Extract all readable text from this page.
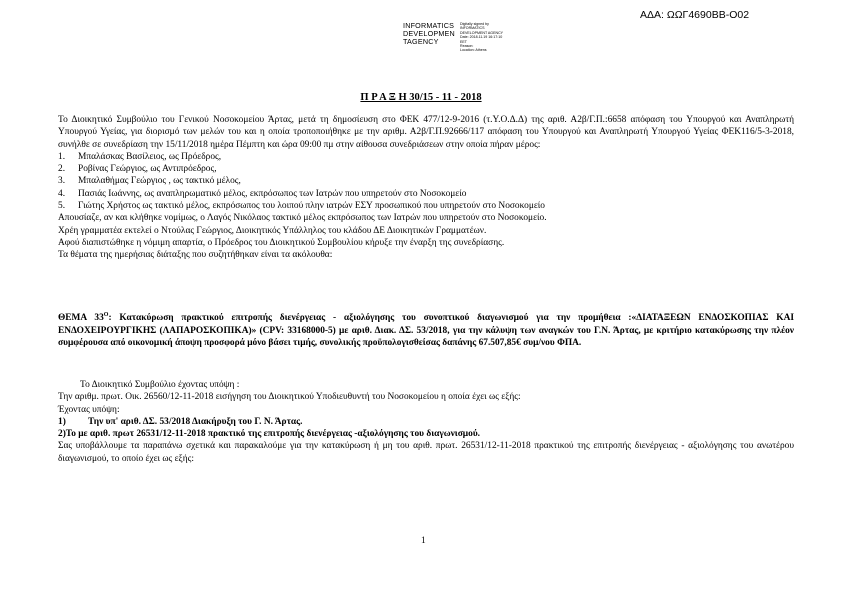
ΑΔΑ: ΩΩΓ4690ΒΒ-Ο02
INFORMATICS
DEVELOPMEN
TAGENCY
Digitally signed by
INFORMATICS
DEVELOPMENT AGENCY
Date: 2018.11.19 16:17:10
EET
Reason:
Location: Athens
Π Ρ Α Ξ Η 30/15 - 11 - 2018
Το Διοικητικό Συμβούλιο του Γενικού Νοσοκομείου Άρτας, μετά τη δημοσίευση στο ΦΕΚ 477/12-9-2016 (τ.Υ.Ο.Δ.Δ) της αριθ. Α2β/Γ.Π.:6658 απόφαση του Υπουργού και Αναπληρωτή Υπουργού Υγείας, για διορισμό των μελών του και η οποία τροποποιήθηκε με την αριθμ. Α2β/Γ.Π.92666/117 απόφαση του Υπουργού και Αναπληρωτή Υπουργού Υγείας ΦΕΚ116/5-3-2018, συνήλθε σε συνεδρίαση την 15/11/2018 ημέρα Πέμπτη και ώρα 09:00 πμ στην αίθουσα συνεδριάσεων στην οποία πήραν μέρος:
1. Μπαλάσκας Βασίλειος, ως Πρόεδρος,
2. Ροβίνας Γεώργιος, ως Αντιπρόεδρος,
3. Μπαλαθήμας Γεώργιος , ως τακτικό μέλος,
4. Πασιάς Ιωάννης, ως αναπληρωματικό μέλος, εκπρόσωπος των Ιατρών που υπηρετούν στο Νοσοκομείο
5. Γιώτης Χρήστος ως τακτικό μέλος, εκπρόσωπος του λοιπού πλην ιατρών ΕΣΥ προσωπικού που υπηρετούν στο Νοσοκομείο
Απουσίαζε, αν και κλήθηκε νομίμως, ο Λαγός Νικόλαος τακτικό μέλος εκπρόσωπος των Ιατρών που υπηρετούν στο Νοσοκομείο.
Χρέη γραμματέα εκτελεί ο Ντούλας Γεώργιος, Διοικητικός Υπάλληλος του κλάδου ΔΕ Διοικητικών Γραμματέων.
Αφού διαπιστώθηκε η νόμιμη απαρτία, ο Πρόεδρος του Διοικητικού Συμβουλίου κήρυξε την έναρξη της συνεδρίασης.
Τα θέματα της ημερήσιας διάταξης που συζητήθηκαν είναι τα ακόλουθα:
ΘΕΜΑ $33^O$: Κατακύρωση πρακτικού επιτροπής διενέργειας - αξιολόγησης του συνοπτικού διαγωνισμού για την προμήθεια :«ΔΙΑΤΑΞΕΩΝ ΕΝΔΟΣΚΟΠΙΑΣ ΚΑΙ ΕΝΔΟΧΕΙΡΟΥΡΓΙΚΗΣ (ΛΑΠΑΡΟΣΚΟΠΙΚΑ)» (CPV: 33168000-5) με αριθ. Διακ. ΔΣ. 53/2018, για την κάλυψη των αναγκών του Γ.Ν. Άρτας, με κριτήριο κατακύρωσης την πλέον συμφέρουσα από οικονομική άποψη προσφορά μόνο βάσει τιμής, συνολικής προϋπολογισθείσας δαπάνης 67.507,85€ συμ/νου ΦΠΑ.
Το Διοικητικό Συμβούλιο έχοντας υπόψη :
Την αριθμ. πρωτ. Οικ. 26560/12-11-2018 εισήγηση του Διοικητικού Υποδιευθυντή του Νοσοκομείου η οποία έχει ως εξής:
Έχοντας υπόψη:
1) Την υπ' αριθ. ΔΣ. 53/2018 Διακήρυξη του Γ. Ν. Άρτας.
2)Το με αριθ. πρωτ 26531/12-11-2018 πρακτικό της επιτροπής διενέργειας -αξιολόγησης του διαγωνισμού.
Σας υποβάλλουμε τα παραπάνω σχετικά και παρακαλούμε για την κατακύρωση ή μη του αριθ. πρωτ. 26531/12-11-2018 πρακτικού της επιτροπής διενέργειας - αξιολόγησης του ανωτέρου διαγωνισμού, το οποίο έχει ως εξής:
1
